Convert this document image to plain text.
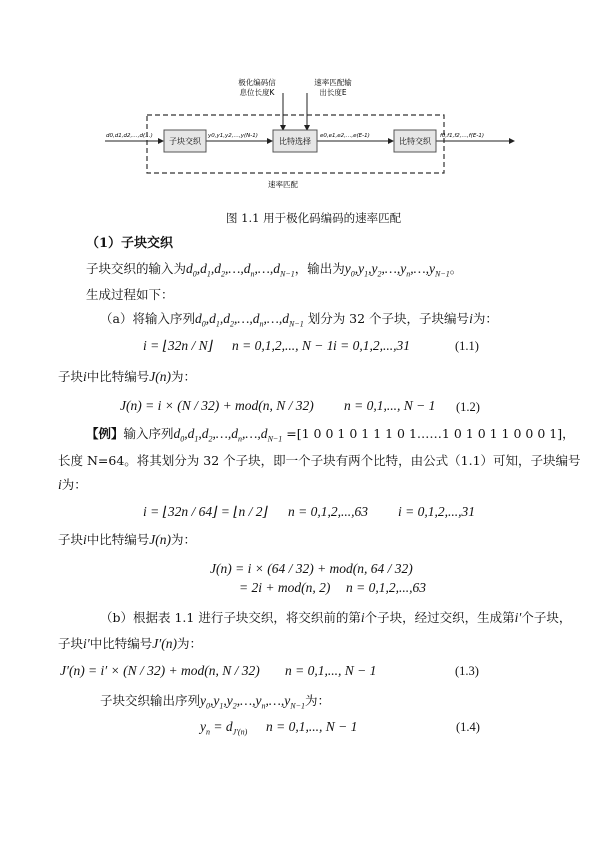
子块交织	比特选择	比特交织
d0,d1,d2,…,d(…)	y0,y1,y2,…,y(N-1)	e0,e1,e2,…,e(E-1)	f0,f1,f2,…,f(E-1)
极化编码信
息位长度K
速率匹配输
出长度E
速率匹配
图 1.1 用于极化码编码的速率匹配
（1）子块交织
子块交织的输入为$d_0,d_1,d_2,\dots,d_n,\dots,d_{N-1}$，输出为$y_0,y_1,y_2,\dots,y_n,\dots,y_{N-1}$。
生成过程如下：
（a）将输入序列$d_0,d_1,d_2,\dots,d_n,\dots,d_{N-1}$ 划分为 32 个子块，子块编号i为：
i = ⌊32n / N⌋ n = 0,1,2,..., N − 1 i = 0,1,2,...,31	(1.1)
子块i中比特编号J(n)为：
J(n) = i × (N / 32) + mod(n, N / 32) n = 0,1,..., N − 1 (1.2)
【例】输入序列$d_0,d_1,d_2,\dots,d_n,\dots,d_{N-1} =[1$ 0 0 1 0 1 1 1 0 1……1 0 1 0 1 1 0 0 0 1]，
长度 N=64。将其划分为 32 个子块，即一个子块有两个比特，由公式（1.1）可知，子块编号
i为：
i = ⌊32n / 64⌋ = ⌊n / 2⌋ n = 0,1,2,...,63 i = 0,1,2,...,31
子块i中比特编号J(n)为：
J(n) = i × (64 / 32) + mod(n, 64 / 32)
= 2i + mod(n, 2) n = 0,1,2,...,63
（b）根据表 1.1 进行子块交织，将交织前的第i个子块，经过交织，生成第i′个子块，
子块i′中比特编号J′(n)为：
J′(n) = i′ × (N / 32) + mod(n, N / 32) n = 0,1,..., N − 1	(1.3)
子块交织输出序列$y_0,y_1,y_2,\dots,y_n,\dots,y_{N-1}$为：
$y_n = d_{J'(n)}$ n = 0,1,..., N − 1	(1.4)
